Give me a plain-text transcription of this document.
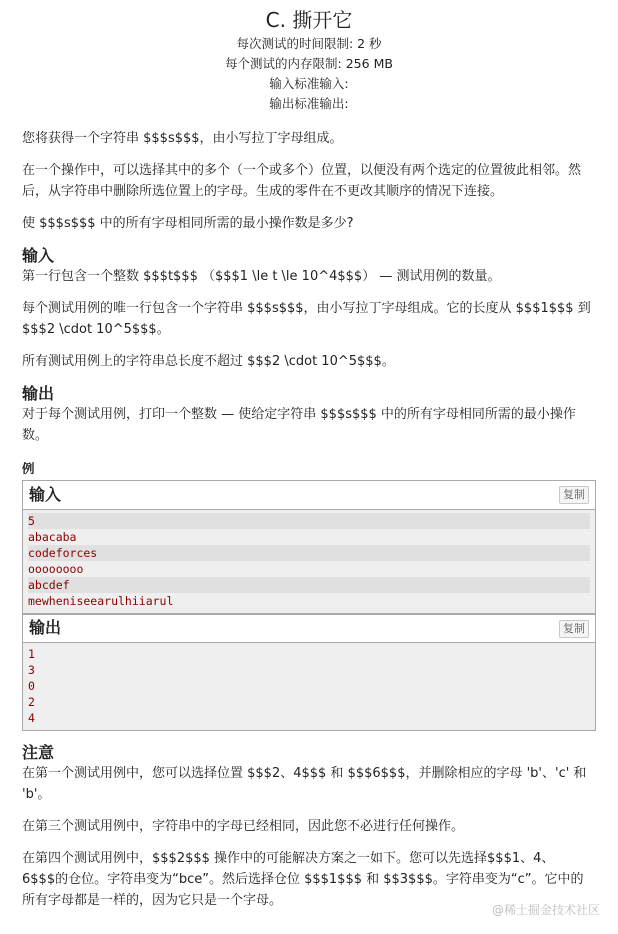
C. 撕开它
每次测试的时间限制: 2 秒
每个测试的内存限制: 256 MB
输入标准输入:
输出标准输出:

您将获得一个字符串 $$$s$$$，由小写拉丁字母组成。

在一个操作中，可以选择其中的多个（一个或多个）位置，以便没有两个选定的位置彼此相邻。然后，从字符串中删除所选位置上的字母。生成的零件在不更改其顺序的情况下连接。

使 $$$s$$$ 中的所有字母相同所需的最小操作数是多少?

输入

第一行包含一个整数 $$$t$$$ （$$$1 \le t \le 10^4$$$） — 测试用例的数量。

每个测试用例的唯一行包含一个字符串 $$$s$$$，由小写拉丁字母组成。它的长度从 $$$1$$$ 到 $$$2 \cdot 10^5$$$。

所有测试用例上的字符串总长度不超过 $$$2 \cdot 10^5$$$。

输出

对于每个测试用例，打印一个整数 — 使给定字符串 $$$s$$$ 中的所有字母相同所需的最小操作数。

例
输入	复制
5
abacaba
codeforces
oooooooo
abcdef
mewheniseearulhiiarul
输出	复制
1
3
0
2
4
注意

在第一个测试用例中，您可以选择位置 $$$2、4$$$ 和 $$$6$$$，并删除相应的字母 'b'、'c' 和 'b'。

在第三个测试用例中，字符串中的字母已经相同，因此您不必进行任何操作。

在第四个测试用例中，$$$2$$$ 操作中的可能解决方案之一如下。您可以先选择$$$1、4、6$$$的仓位。字符串变为“bce”。然后选择仓位 $$$1$$$ 和 $$3$$$。字符串变为“c”。它中的所有字母都是一样的，因为它只是一个字母。

@稀土掘金技术社区
